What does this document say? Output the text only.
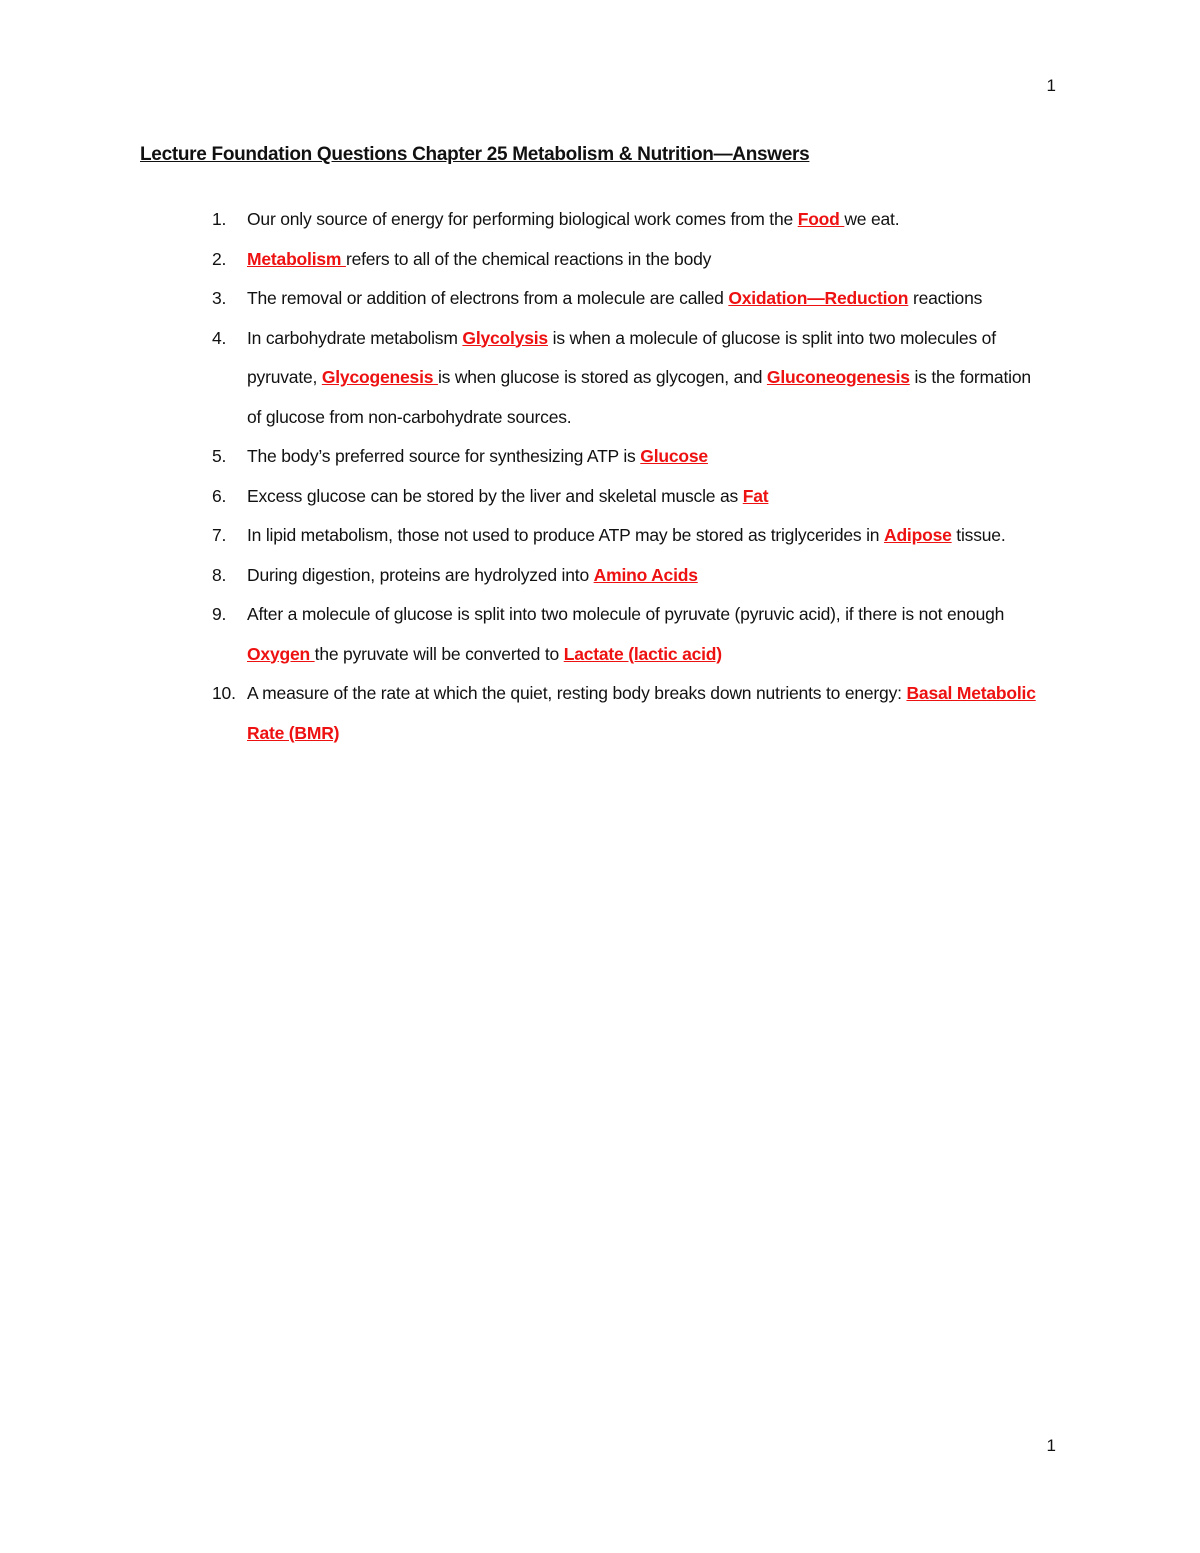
1
Lecture Foundation Questions Chapter 25 Metabolism & Nutrition—Answers
1. Our only source of energy for performing biological work comes from the Food we eat.
2. Metabolism refers to all of the chemical reactions in the body
3. The removal or addition of electrons from a molecule are called Oxidation—Reduction reactions
4. In carbohydrate metabolism Glycolysis is when a molecule of glucose is split into two molecules of pyruvate, Glycogenesis is when glucose is stored as glycogen, and Gluconeogenesis is the formation of glucose from non-carbohydrate sources.
5. The body’s preferred source for synthesizing ATP is Glucose
6. Excess glucose can be stored by the liver and skeletal muscle as Fat
7. In lipid metabolism, those not used to produce ATP may be stored as triglycerides in Adipose tissue.
8. During digestion, proteins are hydrolyzed into Amino Acids
9. After a molecule of glucose is split into two molecule of pyruvate (pyruvic acid), if there is not enough Oxygen the pyruvate will be converted to Lactate (lactic acid)
10. A measure of the rate at which the quiet, resting body breaks down nutrients to energy: Basal Metabolic Rate (BMR)
1
